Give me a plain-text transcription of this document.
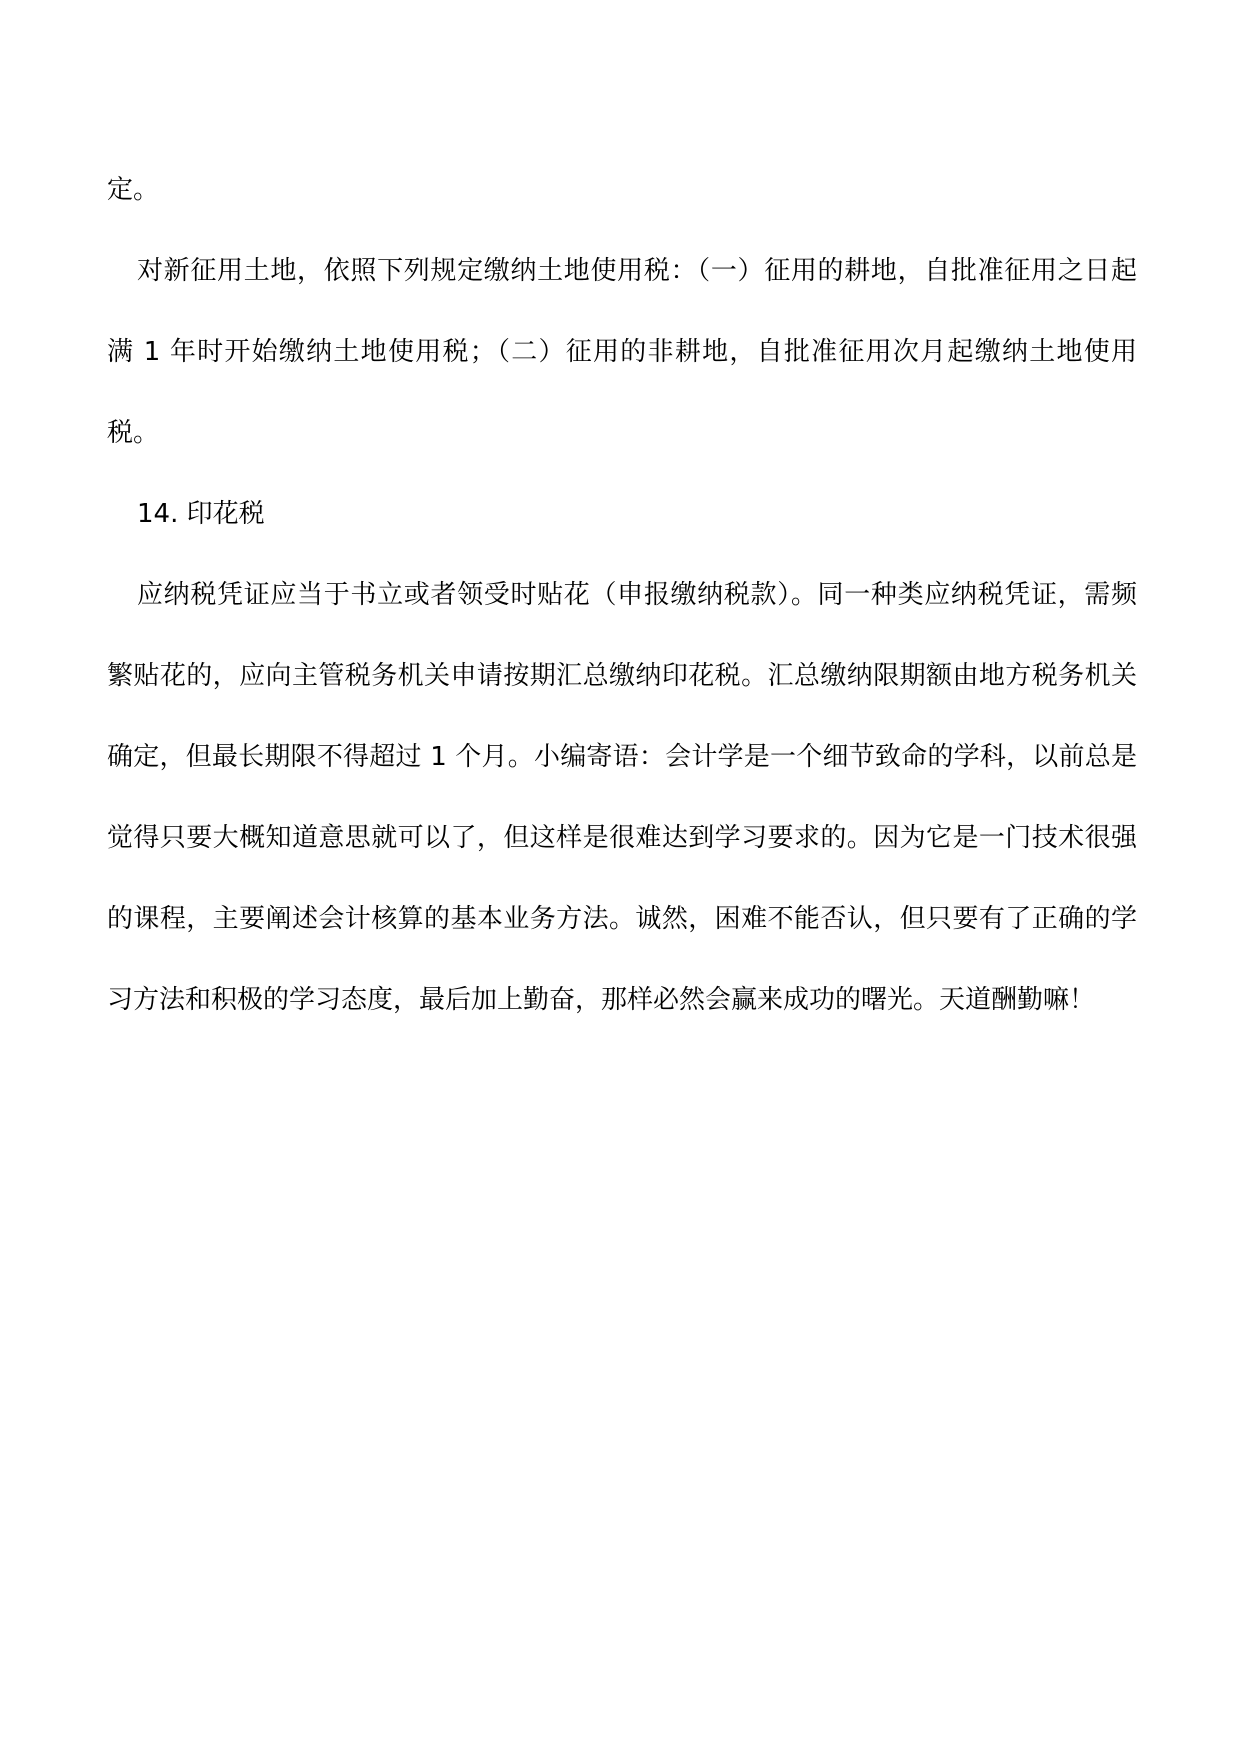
定。

对新征用土地，依照下列规定缴纳土地使用税：（一）征用的耕地，自批准征用之日起满 1 年时开始缴纳土地使用税；（二）征用的非耕地，自批准征用次月起缴纳土地使用税。

14. 印花税

应纳税凭证应当于书立或者领受时贴花（申报缴纳税款）。同一种类应纳税凭证，需频繁贴花的，应向主管税务机关申请按期汇总缴纳印花税。汇总缴纳限期额由地方税务机关确定，但最长期限不得超过 1 个月。小编寄语：会计学是一个细节致命的学科，以前总是觉得只要大概知道意思就可以了，但这样是很难达到学习要求的。因为它是一门技术很强的课程，主要阐述会计核算的基本业务方法。诚然，困难不能否认，但只要有了正确的学习方法和积极的学习态度，最后加上勤奋，那样必然会赢来成功的曙光。天道酬勤嘛！
